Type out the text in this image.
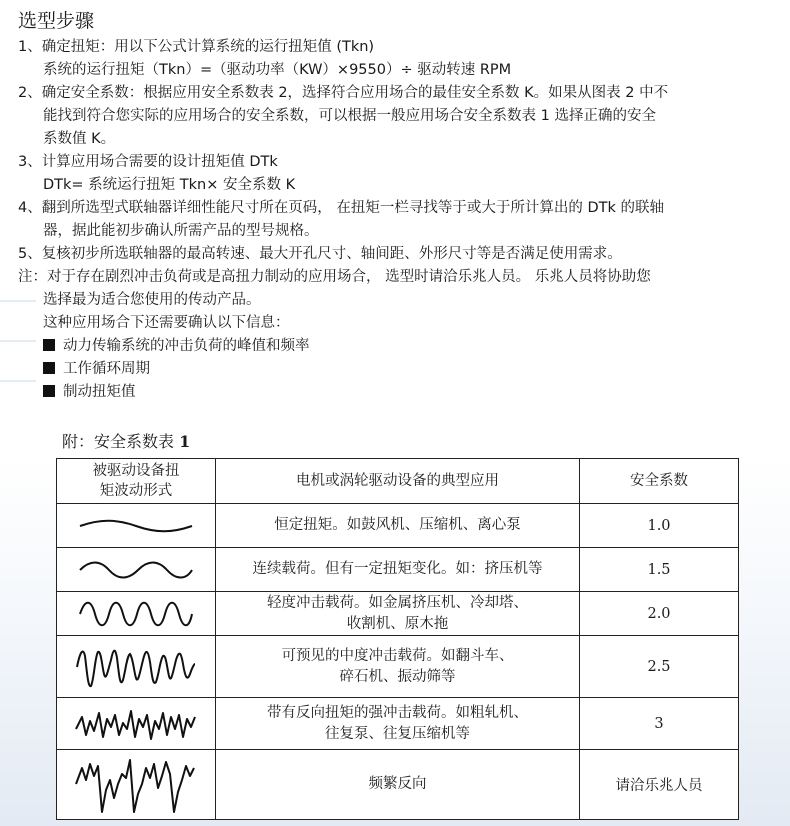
选型步骤
1、确定扭矩：用以下公式计算系统的运行扭矩值 (Tkn)
系统的运行扭矩（Tkn）=（驱动功率（KW）×9550）÷ 驱动转速 RPM
2、确定安全系数：根据应用安全系数表 2，选择符合应用场合的最佳安全系数 K。如果从图表 2 中不
能找到符合您实际的应用场合的安全系数，可以根据一般应用场合安全系数表 1 选择正确的安全
系数值 K。
3、计算应用场合需要的设计扭矩值 DTk
DTk= 系统运行扭矩 Tkn× 安全系数 K
4、翻到所选型式联轴器详细性能尺寸所在页码， 在扭矩一栏寻找等于或大于所计算出的 DTk 的联轴
器，据此能初步确认所需产品的型号规格。
5、复核初步所选联轴器的最高转速、最大开孔尺寸、轴间距、外形尺寸等是否满足使用需求。
注：对于存在剧烈冲击负荷或是高扭力制动的应用场合， 选型时请洽乐兆人员。 乐兆人员将协助您
选择最为适合您使用的传动产品。
这种应用场合下还需要确认以下信息：
动力传输系统的冲击负荷的峰值和频率
工作循环周期
制动扭矩值
附：安全系数表 1
被驱动设备扭
矩波动形式	电机或涡轮驱动设备的典型应用	安全系数

	恒定扭矩。如鼓风机、压缩机、离心泵	1.0

	连续载荷。但有一定扭矩变化。如：挤压机等	1.5

	轻度冲击载荷。如金属挤压机、冷却塔、
收割机、原木拖	2.0

	可预见的中度冲击载荷。如翻斗车、
碎石机、振动筛等	2.5

	带有反向扭矩的强冲击载荷。如粗轧机、
往复泵、往复压缩机等	3

	频繁反向	请洽乐兆人员
